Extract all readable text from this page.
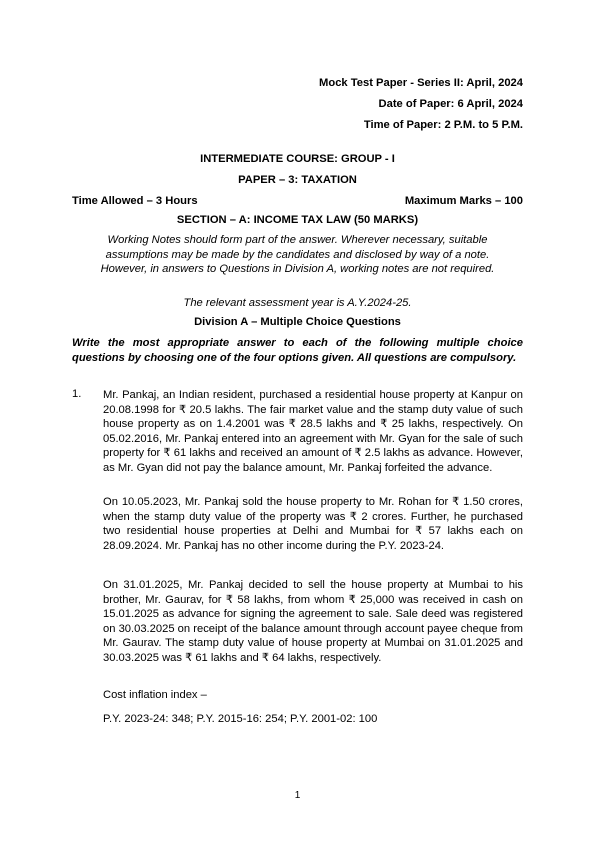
Mock Test Paper - Series II: April, 2024
Date of Paper: 6 April, 2024
Time of Paper: 2 P.M. to 5 P.M.
INTERMEDIATE COURSE: GROUP - I
PAPER – 3: TAXATION
Time Allowed – 3 Hours	Maximum Marks – 100
SECTION – A: INCOME TAX LAW (50 MARKS)
Working Notes should form part of the answer. Wherever necessary, suitable assumptions may be made by the candidates and disclosed by way of a note. However, in answers to Questions in Division A, working notes are not required.
The relevant assessment year is A.Y.2024-25.
Division A – Multiple Choice Questions
Write the most appropriate answer to each of the following multiple choice questions by choosing one of the four options given. All questions are compulsory.
1. Mr. Pankaj, an Indian resident, purchased a residential house property at Kanpur on 20.08.1998 for ₹ 20.5 lakhs. The fair market value and the stamp duty value of such house property as on 1.4.2001 was ₹ 28.5 lakhs and ₹ 25 lakhs, respectively. On 05.02.2016, Mr. Pankaj entered into an agreement with Mr. Gyan for the sale of such property for ₹ 61 lakhs and received an amount of ₹ 2.5 lakhs as advance. However, as Mr. Gyan did not pay the balance amount, Mr. Pankaj forfeited the advance.
On 10.05.2023, Mr. Pankaj sold the house property to Mr. Rohan for ₹ 1.50 crores, when the stamp duty value of the property was ₹ 2 crores. Further, he purchased two residential house properties at Delhi and Mumbai for ₹ 57 lakhs each on 28.09.2024. Mr. Pankaj has no other income during the P.Y. 2023-24.
On 31.01.2025, Mr. Pankaj decided to sell the house property at Mumbai to his brother, Mr. Gaurav, for ₹ 58 lakhs, from whom ₹ 25,000 was received in cash on 15.01.2025 as advance for signing the agreement to sale. Sale deed was registered on 30.03.2025 on receipt of the balance amount through account payee cheque from Mr. Gaurav. The stamp duty value of house property at Mumbai on 31.01.2025 and 30.03.2025 was ₹ 61 lakhs and ₹ 64 lakhs, respectively.
Cost inflation index –
P.Y. 2023-24: 348; P.Y. 2015-16: 254; P.Y. 2001-02: 100
1
